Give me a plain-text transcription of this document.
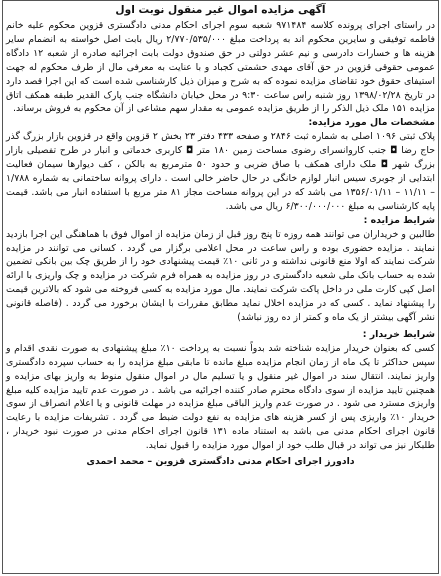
آگهی مزایده اموال غیر منقول نوبت اول

در راستای اجرای پرونده کلاسه ۹۷۱۴۸۴ شعبه سوم اجرای احکام مدنی دادگستری قزوین محکوم علیه خانم فاطمه توفیقی و سایرین محکوم اند به پرداخت مبلغ ۲/۷۷۰/۵۳۵/۰۰۰ ریال بابت اصل خواسته به انضمام سایر هزینه ها و خسارات دادرسی و نیم عشر دولتی در حق صندوق دولت بابت اجرائیه صادره از شعبه ۱۲ دادگاه عمومی حقوقی قزوین در حق آقای مهدی حشمتی کجباد و با عنایت به معرفی مال از طرف محکوم له جهت استیفای حقوق خود تقاضای مزایده نموده که به شرح و میزان ذیل کارشناسی شده است که این اجرا قصد دارد در تاریخ ۱۳۹۸/۰۲/۲۸ روز شنبه راس ساعت ۹:۳۰ در محل خیابان دانشگاه جنب پارک القدیر طبقه همکف اتاق مزایده ۱۵۱ ملک ذیل الذکر را از طریق مزایده عمومی به مقدار سهم مشاعی از آن محکوم به فروش برساند.

مشخصات مال مورد مزایده:

پلاک ثبتی ۱۰۹۶ اصلی به شماره ثبت ۲۸۴۶ و صفحه ۴۳۳ دفتر ۲۳ بخش ۲ قزوین واقع در قزوین بازار بزرگ گذر حاج رضا ◘ جنب کاروانسرای رضوی مساحت زمین ۱۸۰ متر ◘ کاربری خدماتی و انبار در طرح تفصیلی بازار بزرگ شهر ◘ ملک دارای همکف با صاق ضربی و حدود ۵۰ مترمربع به بالکن ، کف دیوارها سیمان فعالیت ابتدایی از جوبری سیس انبار لوازم خانگی در حال حاضر خالی است . دارای پروانه ساختمانی به شماره ۱/۷۸۸ – ۱۱/۱۱ – ۱۳۵۶/۰۱/۱۱ می باشد که در این پروانه مساحت مجاز ۸۱ متر مربع با استفاده انبار می باشد. قیمت پایه کارشناسی به مبلغ ۶/۳۰۰/۰۰۰/۰۰۰ ریال می باشد.

شرایط مزایده :

طالبین و خریداران می توانند همه روزه تا پنج روز قبل از زمان مزایده از اموال فوق با هماهنگی این اجرا بازدید نمایند . مزایده حضوری بوده و راس ساعت در محل اعلامی برگزار می گردد . کسانی می توانند در مزایده شرکت نمایند که اولا منع قانونی نداشته و در ثانی ۱۰٪ قیمت پیشنهادی خود را از طریق چک بین بانکی تضمین شده به حساب بانک ملی شعبه دادگستری در روز مزایده به همراه فرم شرکت در مزایده و چک واریزی با ارائه اصل کپی کارت ملی در داخل پاکت شرکت نمایند. مال مورد مزایده به کسی فروخته می شود که بالاترین قیمت را پیشنهاد نماید . کسی که در مزایده اخلال نماید مطابق مقررات با ایشان برخورد می گردد . (فاصله قانونی نشر آگهی بیشتر از یک ماه و کمتر از ده روز نباشد)

شرایط خریدار :

کسی که بعنوان خریدار مزایده شناخته شد بدواً نسبت به پرداخت ۱۰٪ مبلغ پیشنهادی به صورت نقدی اقدام و سپس حداکثر تا یک ماه از زمان انجام مزایده مبلغ مانده تا مابقی مبلغ مزایده را به حساب سپرده دادگستری واریز نمایند. انتقال سند در اموال غیر منقول و یا تسلیم مال در اموال منقول منوط به واریز بهای مزایده و همچنین تایید مزایده از سوی دادگاه محترم صادر کننده اجرائیه می باشد . در صورت عدم تایید مزایده کلیه مبلغ واریزی مسترد می شود . در صورت عدم واریز الباقی مبلغ مزایده در مهلت قانونی و یا اعلام انصراف از سوی خریدار ۱۰٪ واریزی پس از کسر هزینه های مزایده به نفع دولت ضبط می گردد . تشریفات مزایده با رعایت قانون اجرای احکام مدنی می باشد به استناد ماده ۱۳۱ قانون اجرای احکام مدنی در صورت نبود خریدار ، طلبکار نیز می تواند در قبال طلب خود از اموال مورد مزایده را قبول نماید.

دادورز اجرای احکام مدنی دادگستری قزوین – محمد احمدی
